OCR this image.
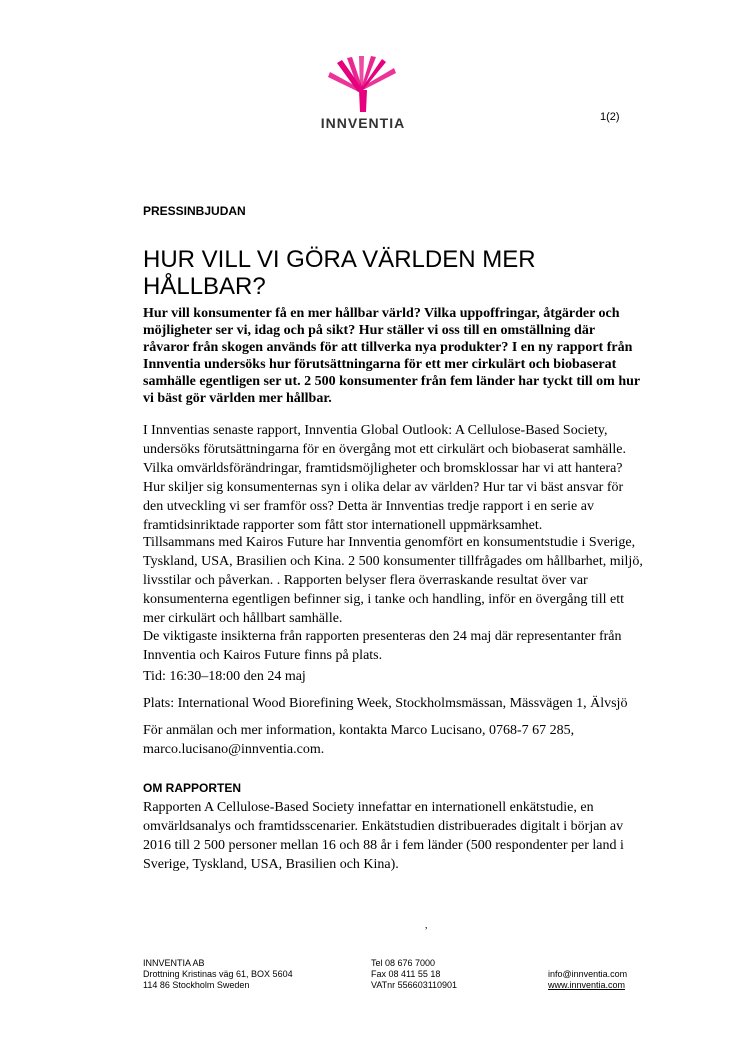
INNVENTIA	1(2)
PRESSINBJUDAN
HUR VILL VI GÖRA VÄRLDEN MER HÅLLBAR?

Hur vill konsumenter få en mer hållbar värld? Vilka uppoffringar, åtgärder och möjligheter ser vi, idag och på sikt? Hur ställer vi oss till en omställning där råvaror från skogen används för att tillverka nya produkter? I en ny rapport från Innventia undersöks hur förutsättningarna för ett mer cirkulärt och biobaserat samhälle egentligen ser ut. 2 500 konsumenter från fem länder har tyckt till om hur vi bäst gör världen mer hållbar.

I Innventias senaste rapport, Innventia Global Outlook: A Cellulose-Based Society, undersöks förutsättningarna för en övergång mot ett cirkulärt och biobaserat samhälle. Vilka omvärldsförändringar, framtidsmöjligheter och bromsklossar har vi att hantera? Hur skiljer sig konsumenternas syn i olika delar av världen? Hur tar vi bäst ansvar för den utveckling vi ser framför oss? Detta är Innventias tredje rapport i en serie av framtidsinriktade rapporter som fått stor internationell uppmärksamhet.

Tillsammans med Kairos Future har Innventia genomfört en konsumentstudie i Sverige, Tyskland, USA, Brasilien och Kina. 2 500 konsumenter tillfrågades om hållbarhet, miljö, livsstilar och påverkan. . Rapporten belyser flera överraskande resultat över var konsumenterna egentligen befinner sig, i tanke och handling, inför en övergång till ett mer cirkulärt och hållbart samhälle.

De viktigaste insikterna från rapporten presenteras den 24 maj där representanter från Innventia och Kairos Future finns på plats.

Tid: 16:30–18:00 den 24 maj

Plats: International Wood Biorefining Week, Stockholmsmässan, Mässvägen 1, Älvsjö

För anmälan och mer information, kontakta Marco Lucisano, 0768-7 67 285, marco.lucisano@innventia.com.

OM RAPPORTEN

Rapporten A Cellulose-Based Society innefattar en internationell enkätstudie, en omvärldsanalys och framtidsscenarier. Enkätstudien distribuerades digitalt i början av 2016 till 2 500 personer mellan 16 och 88 år i fem länder (500 respondenter per land i Sverige, Tyskland, USA, Brasilien och Kina).

,
INNVENTIA AB
Drottning Kristinas väg 61, BOX 5604
114 86 Stockholm Sweden
Tel 08 676 7000
Fax 08 411 55 18
VATnr 556603110901
info@innventia.com
www.innventia.com
